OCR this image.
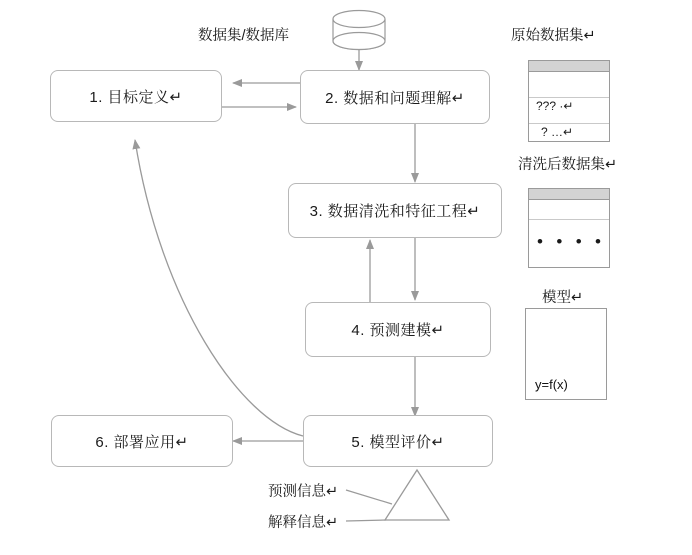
1. 目标定义↵	2. 数据和问题理解↵
3. 数据清洗和特征工程↵
4. 预测建模↵
5. 模型评价↵
6. 部署应用↵
数据集/数据库	原始数据集↵
清洗后数据集↵
模型↵
预测信息↵
解释信息↵
??? ·↵
? …↵
• • • •
y=f(x)
